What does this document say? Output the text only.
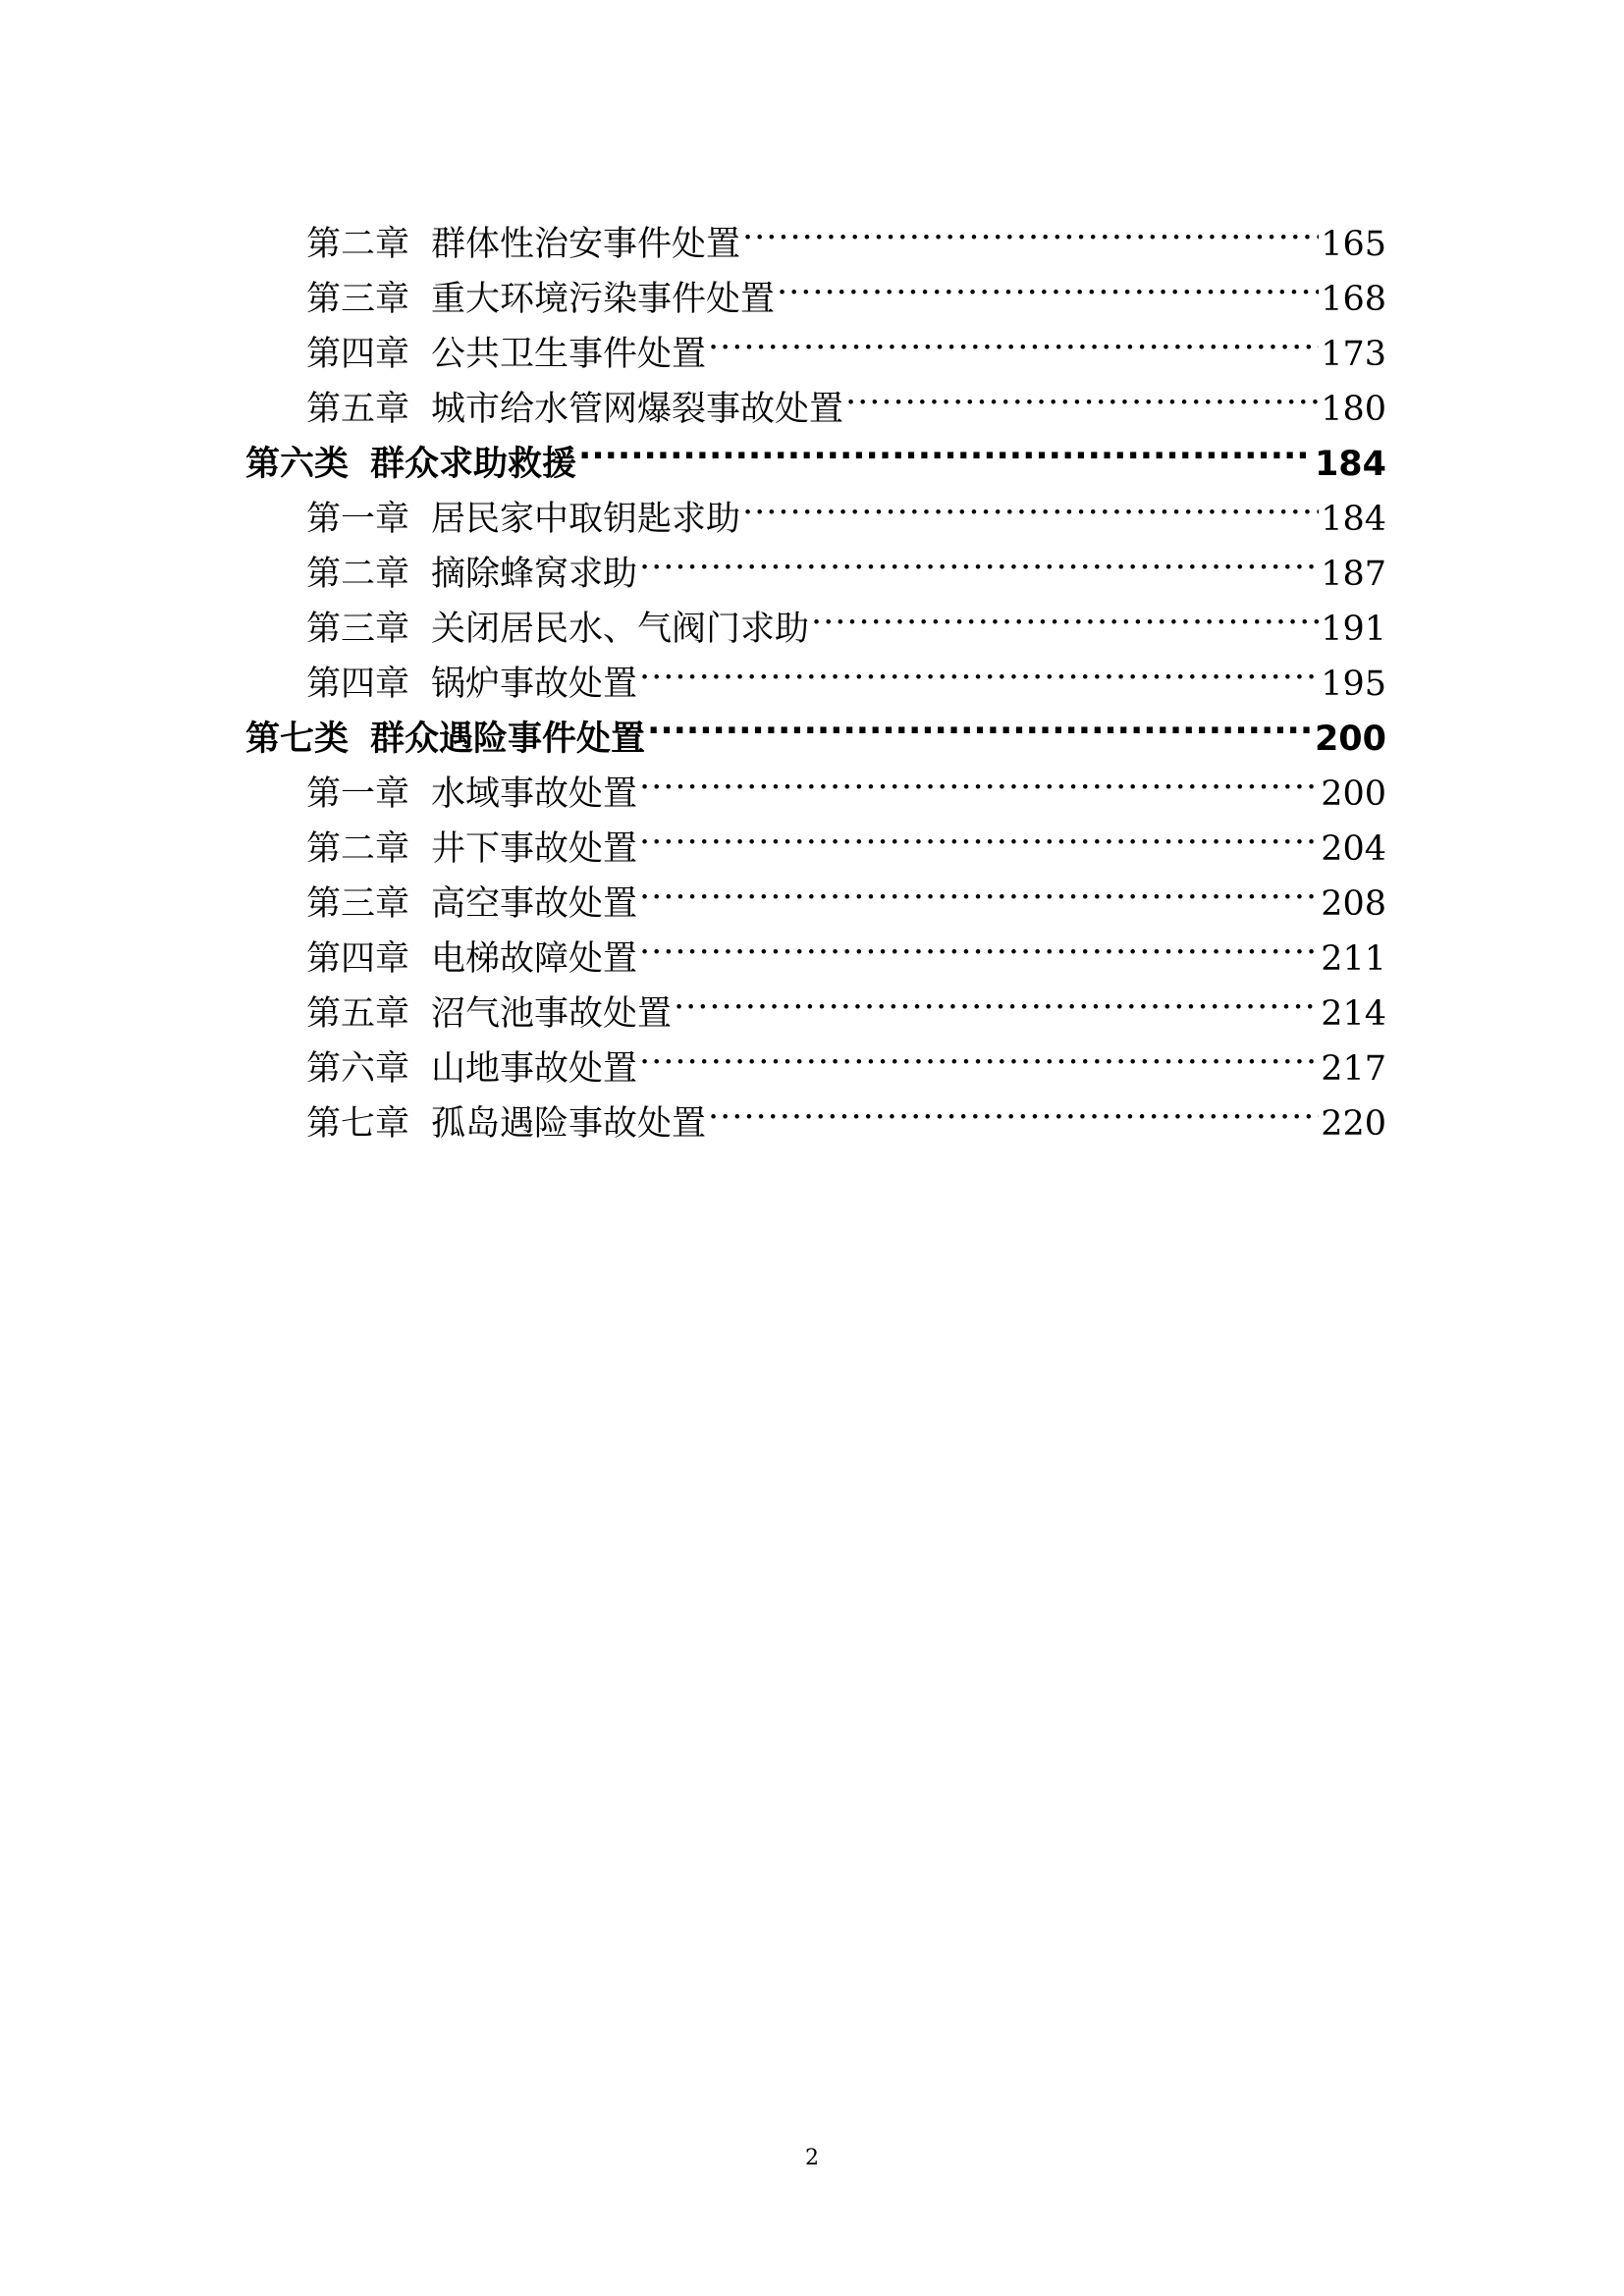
第二章 群体性治安事件处置 .....	165
第三章 重大环境污染事件处置 .....	168
第四章 公共卫生事件处置 .....	173
第五章 城市给水管网爆裂事故处置 .....	180
第六类 群众求助救援 .....	184
第一章 居民家中取钥匙求助 .....	184
第二章 摘除蜂窝求助 .....	187
第三章 关闭居民水、气阀门求助 .....	191
第四章 锅炉事故处置 .....	195
第七类 群众遇险事件处置 .....	200
第一章 水域事故处置 .....	200
第二章 井下事故处置 .....	204
第三章 高空事故处置 .....	208
第四章 电梯故障处置 .....	211
第五章 沼气池事故处置 .....	214
第六章 山地事故处置 .....	217
第七章 孤岛遇险事故处置 .....	220
2
